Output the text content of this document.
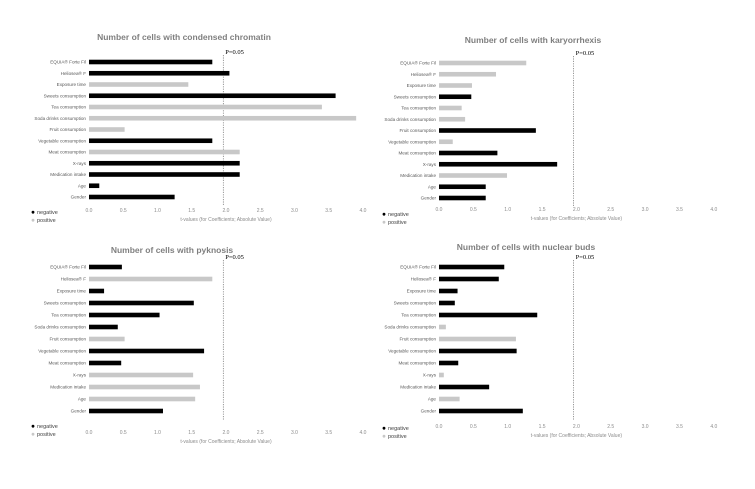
Number of cells with condensed chromatin
P=0.05
EQUIA® Forte Fil
Heliosea® F
Exposure time
Sweets consumption
Tea consumption
Soda drinks consumption
Fruit consumption
Vegetable consumption
Meat consumption
X-rays
Medication intake
Age
Gender
0.0	0.5	1.0	1.5	2.0	2.5	3.0	3.5	4.0
t-values (for Coefficients; Absolute Value)
negative
positive
Number of cells with karyorrhexis
P=0.05
EQUIA® Forte Fil
Heliosea® F
Exposure time
Sweets consumption
Tea consumption
Soda drinks consumption
Fruit consumption
Vegetable consumption
Meat consumption
X-rays
Medication intake
Age
Gender
0.0	0.5	1.0	1.5	2.0	2.5	3.0	3.5	4.0
t-values (for Coefficients; Absolute Value)
negative
positive
Number of cells with pyknosis
P=0.05
EQUIA® Forte Fil
Heliosea® F
Exposure time
Sweets consumption
Tea consumption
Soda drinks consumption
Fruit consumption
Vegetable consumption
Meat consumption
X-rays
Medication intake
Age
Gender
0.0	0.5	1.0	1.5	2.0	2.5	3.0	3.5	4.0
t-values (for Coefficients; Absolute Value)
negative
positive
Number of cells with nuclear buds
P=0.05
EQUIA® Forte Fil
Heliosea® F
Exposure time
Sweets consumption
Tea consumption
Soda drinks consumption
Fruit consumption
Vegetable consumption
Meat consumption
X-rays
Medication intake
Age
Gender
0.0	0.5	1.0	1.5	2.0	2.5	3.0	3.5	4.0
t-values (for Coefficients; Absolute Value)
negative
positive
